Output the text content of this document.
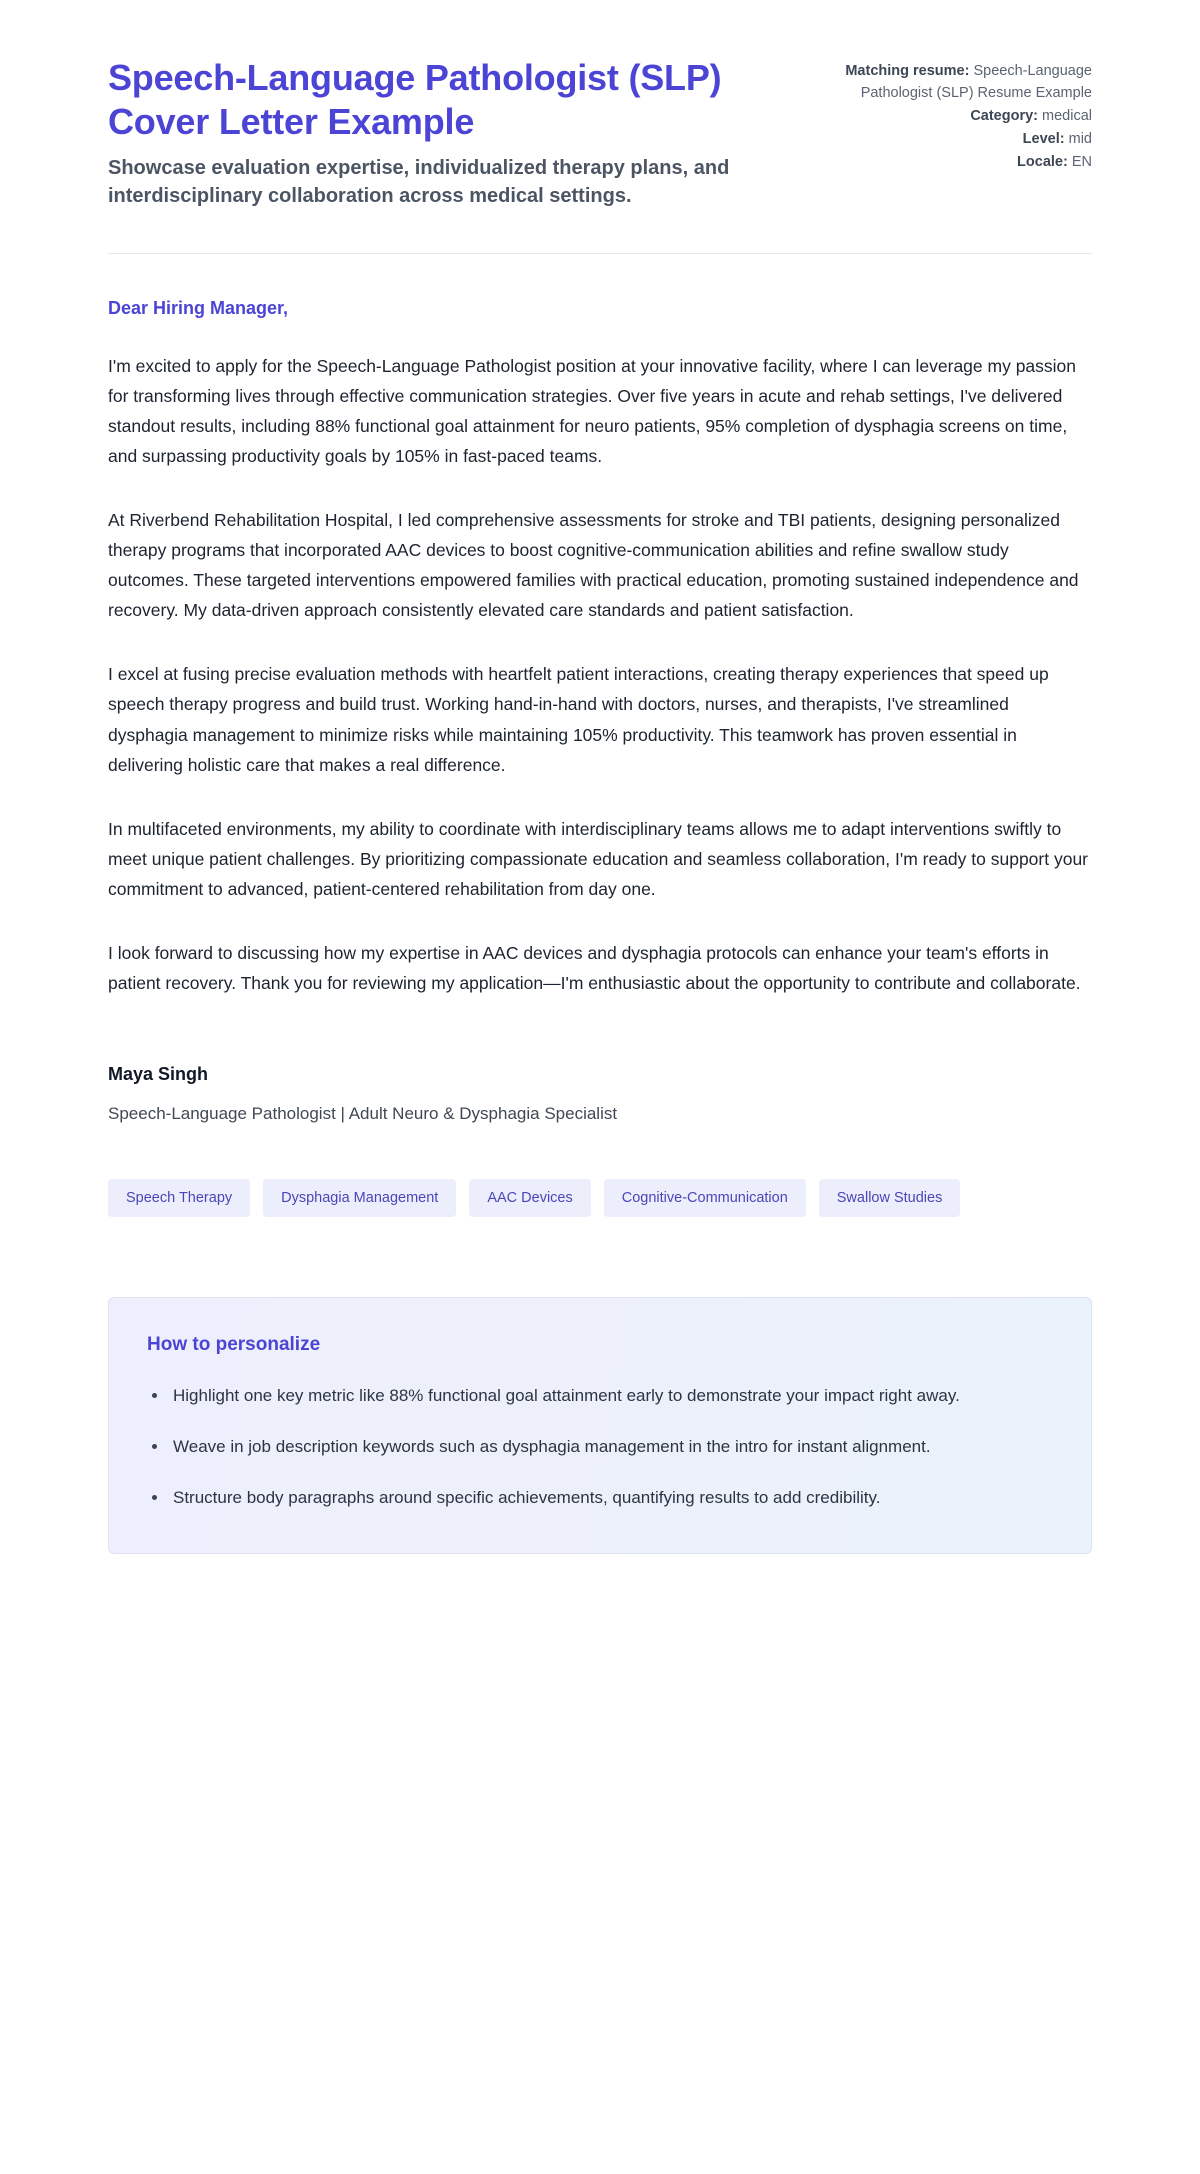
Speech-Language Pathologist (SLP) Cover Letter Example

Showcase evaluation expertise, individualized therapy plans, and interdisciplinary collaboration across medical settings.

Matching resume: Speech-Language Pathologist (SLP) Resume Example

Category: medical

Level: mid

Locale: EN

Dear Hiring Manager,

I'm excited to apply for the Speech-Language Pathologist position at your innovative facility, where I can leverage my passion for transforming lives through effective communication strategies. Over five years in acute and rehab settings, I've delivered standout results, including 88% functional goal attainment for neuro patients, 95% completion of dysphagia screens on time, and surpassing productivity goals by 105% in fast-paced teams.

At Riverbend Rehabilitation Hospital, I led comprehensive assessments for stroke and TBI patients, designing personalized therapy programs that incorporated AAC devices to boost cognitive-communication abilities and refine swallow study outcomes. These targeted interventions empowered families with practical education, promoting sustained independence and recovery. My data-driven approach consistently elevated care standards and patient satisfaction.

I excel at fusing precise evaluation methods with heartfelt patient interactions, creating therapy experiences that speed up speech therapy progress and build trust. Working hand-in-hand with doctors, nurses, and therapists, I've streamlined dysphagia management to minimize risks while maintaining 105% productivity. This teamwork has proven essential in delivering holistic care that makes a real difference.

In multifaceted environments, my ability to coordinate with interdisciplinary teams allows me to adapt interventions swiftly to meet unique patient challenges. By prioritizing compassionate education and seamless collaboration, I'm ready to support your commitment to advanced, patient-centered rehabilitation from day one.

I look forward to discussing how my expertise in AAC devices and dysphagia protocols can enhance your team's efforts in patient recovery. Thank you for reviewing my application—I'm enthusiastic about the opportunity to contribute and collaborate.

Maya Singh

Speech-Language Pathologist | Adult Neuro & Dysphagia Specialist

Speech Therapy	Dysphagia Management	AAC Devices	Cognitive-Communication	Swallow Studies

How to personalize

Highlight one key metric like 88% functional goal attainment early to demonstrate your impact right away.
Weave in job description keywords such as dysphagia management in the intro for instant alignment.
Structure body paragraphs around specific achievements, quantifying results to add credibility.
